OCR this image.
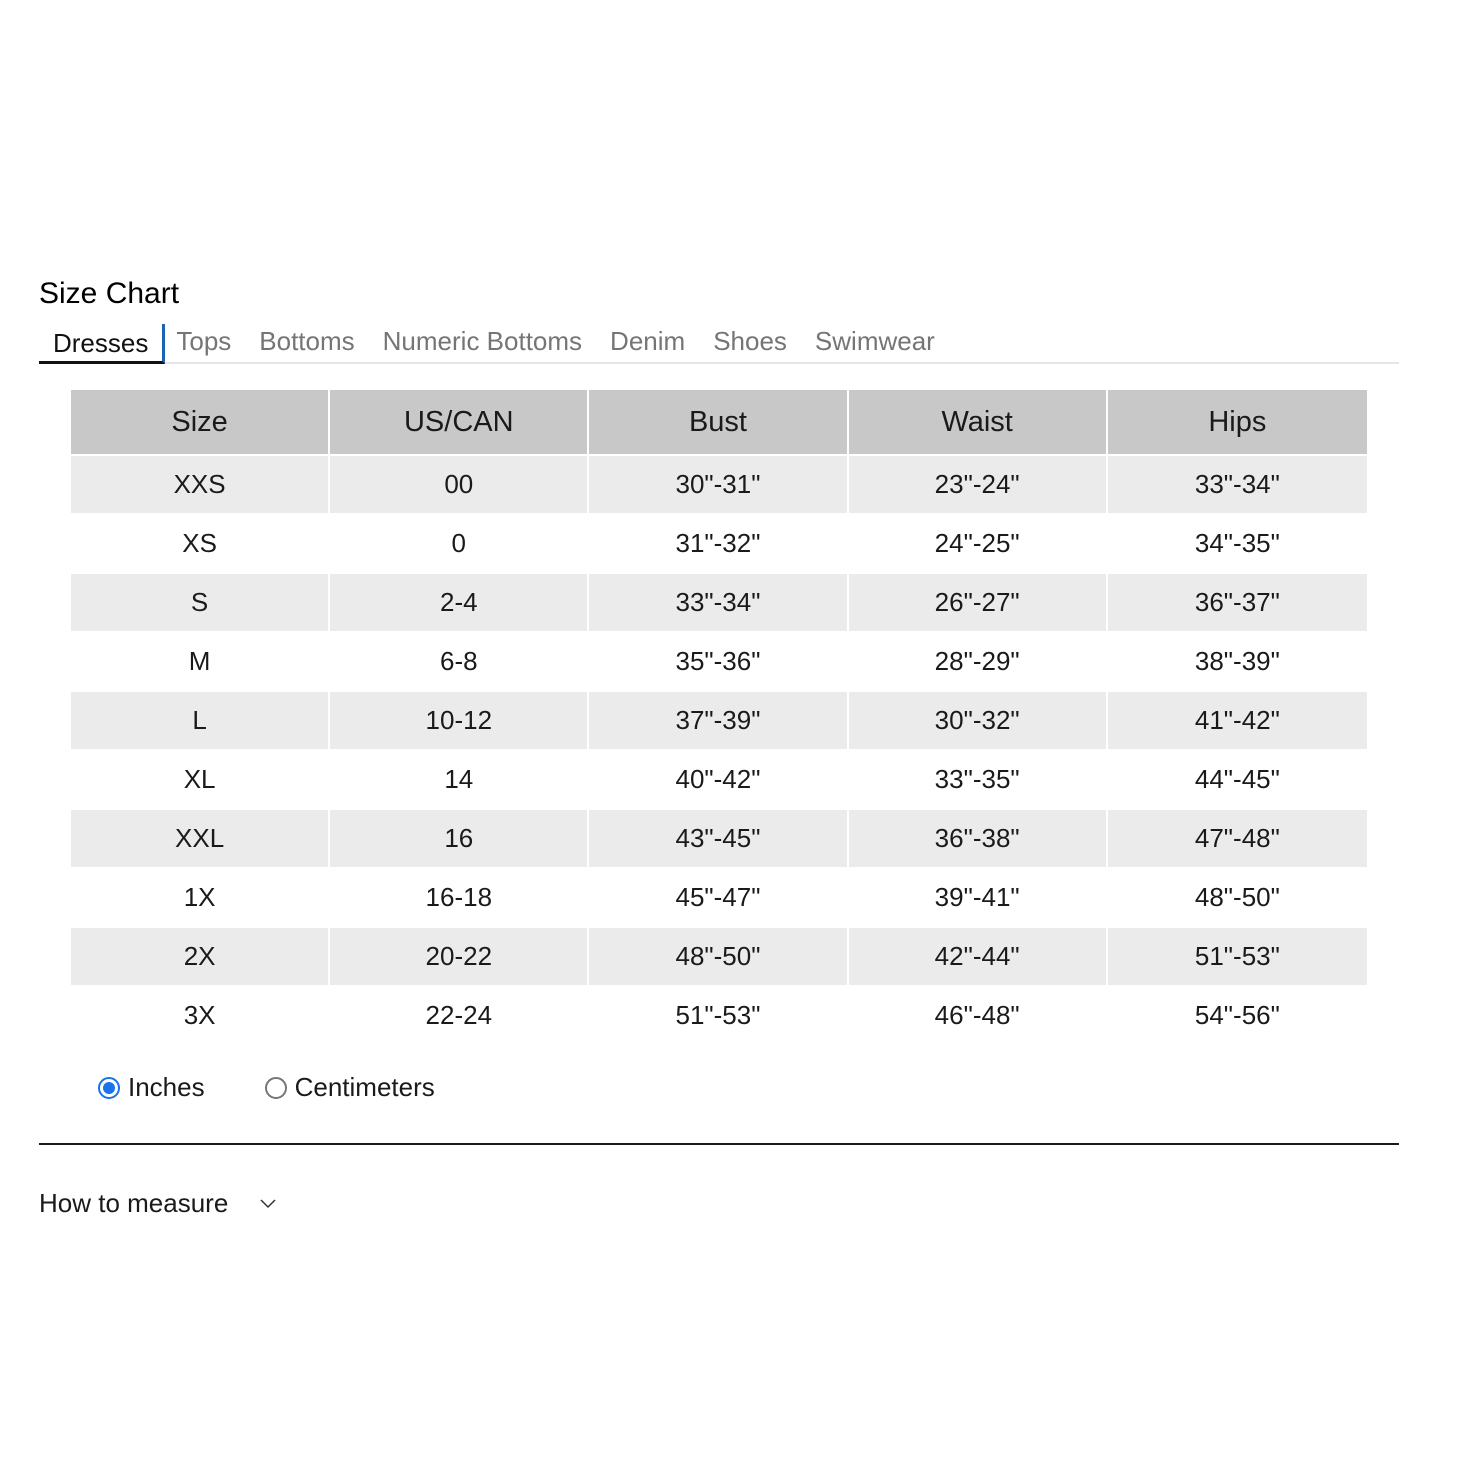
Size Chart
Dresses	Tops	Bottoms	Numeric Bottoms	Denim	Shoes	Swimwear
Size	US/CAN	Bust	Waist	Hips
XXS	00	30"-31"	23"-24"	33"-34"
XS	0	31"-32"	24"-25"	34"-35"
S	2-4	33"-34"	26"-27"	36"-37"
M	6-8	35"-36"	28"-29"	38"-39"
L	10-12	37"-39"	30"-32"	41"-42"
XL	14	40"-42"	33"-35"	44"-45"
XXL	16	43"-45"	36"-38"	47"-48"
1X	16-18	45"-47"	39"-41"	48"-50"
2X	20-22	48"-50"	42"-44"	51"-53"
3X	22-24	51"-53"	46"-48"	54"-56"
Inches	Centimeters
How to measure
